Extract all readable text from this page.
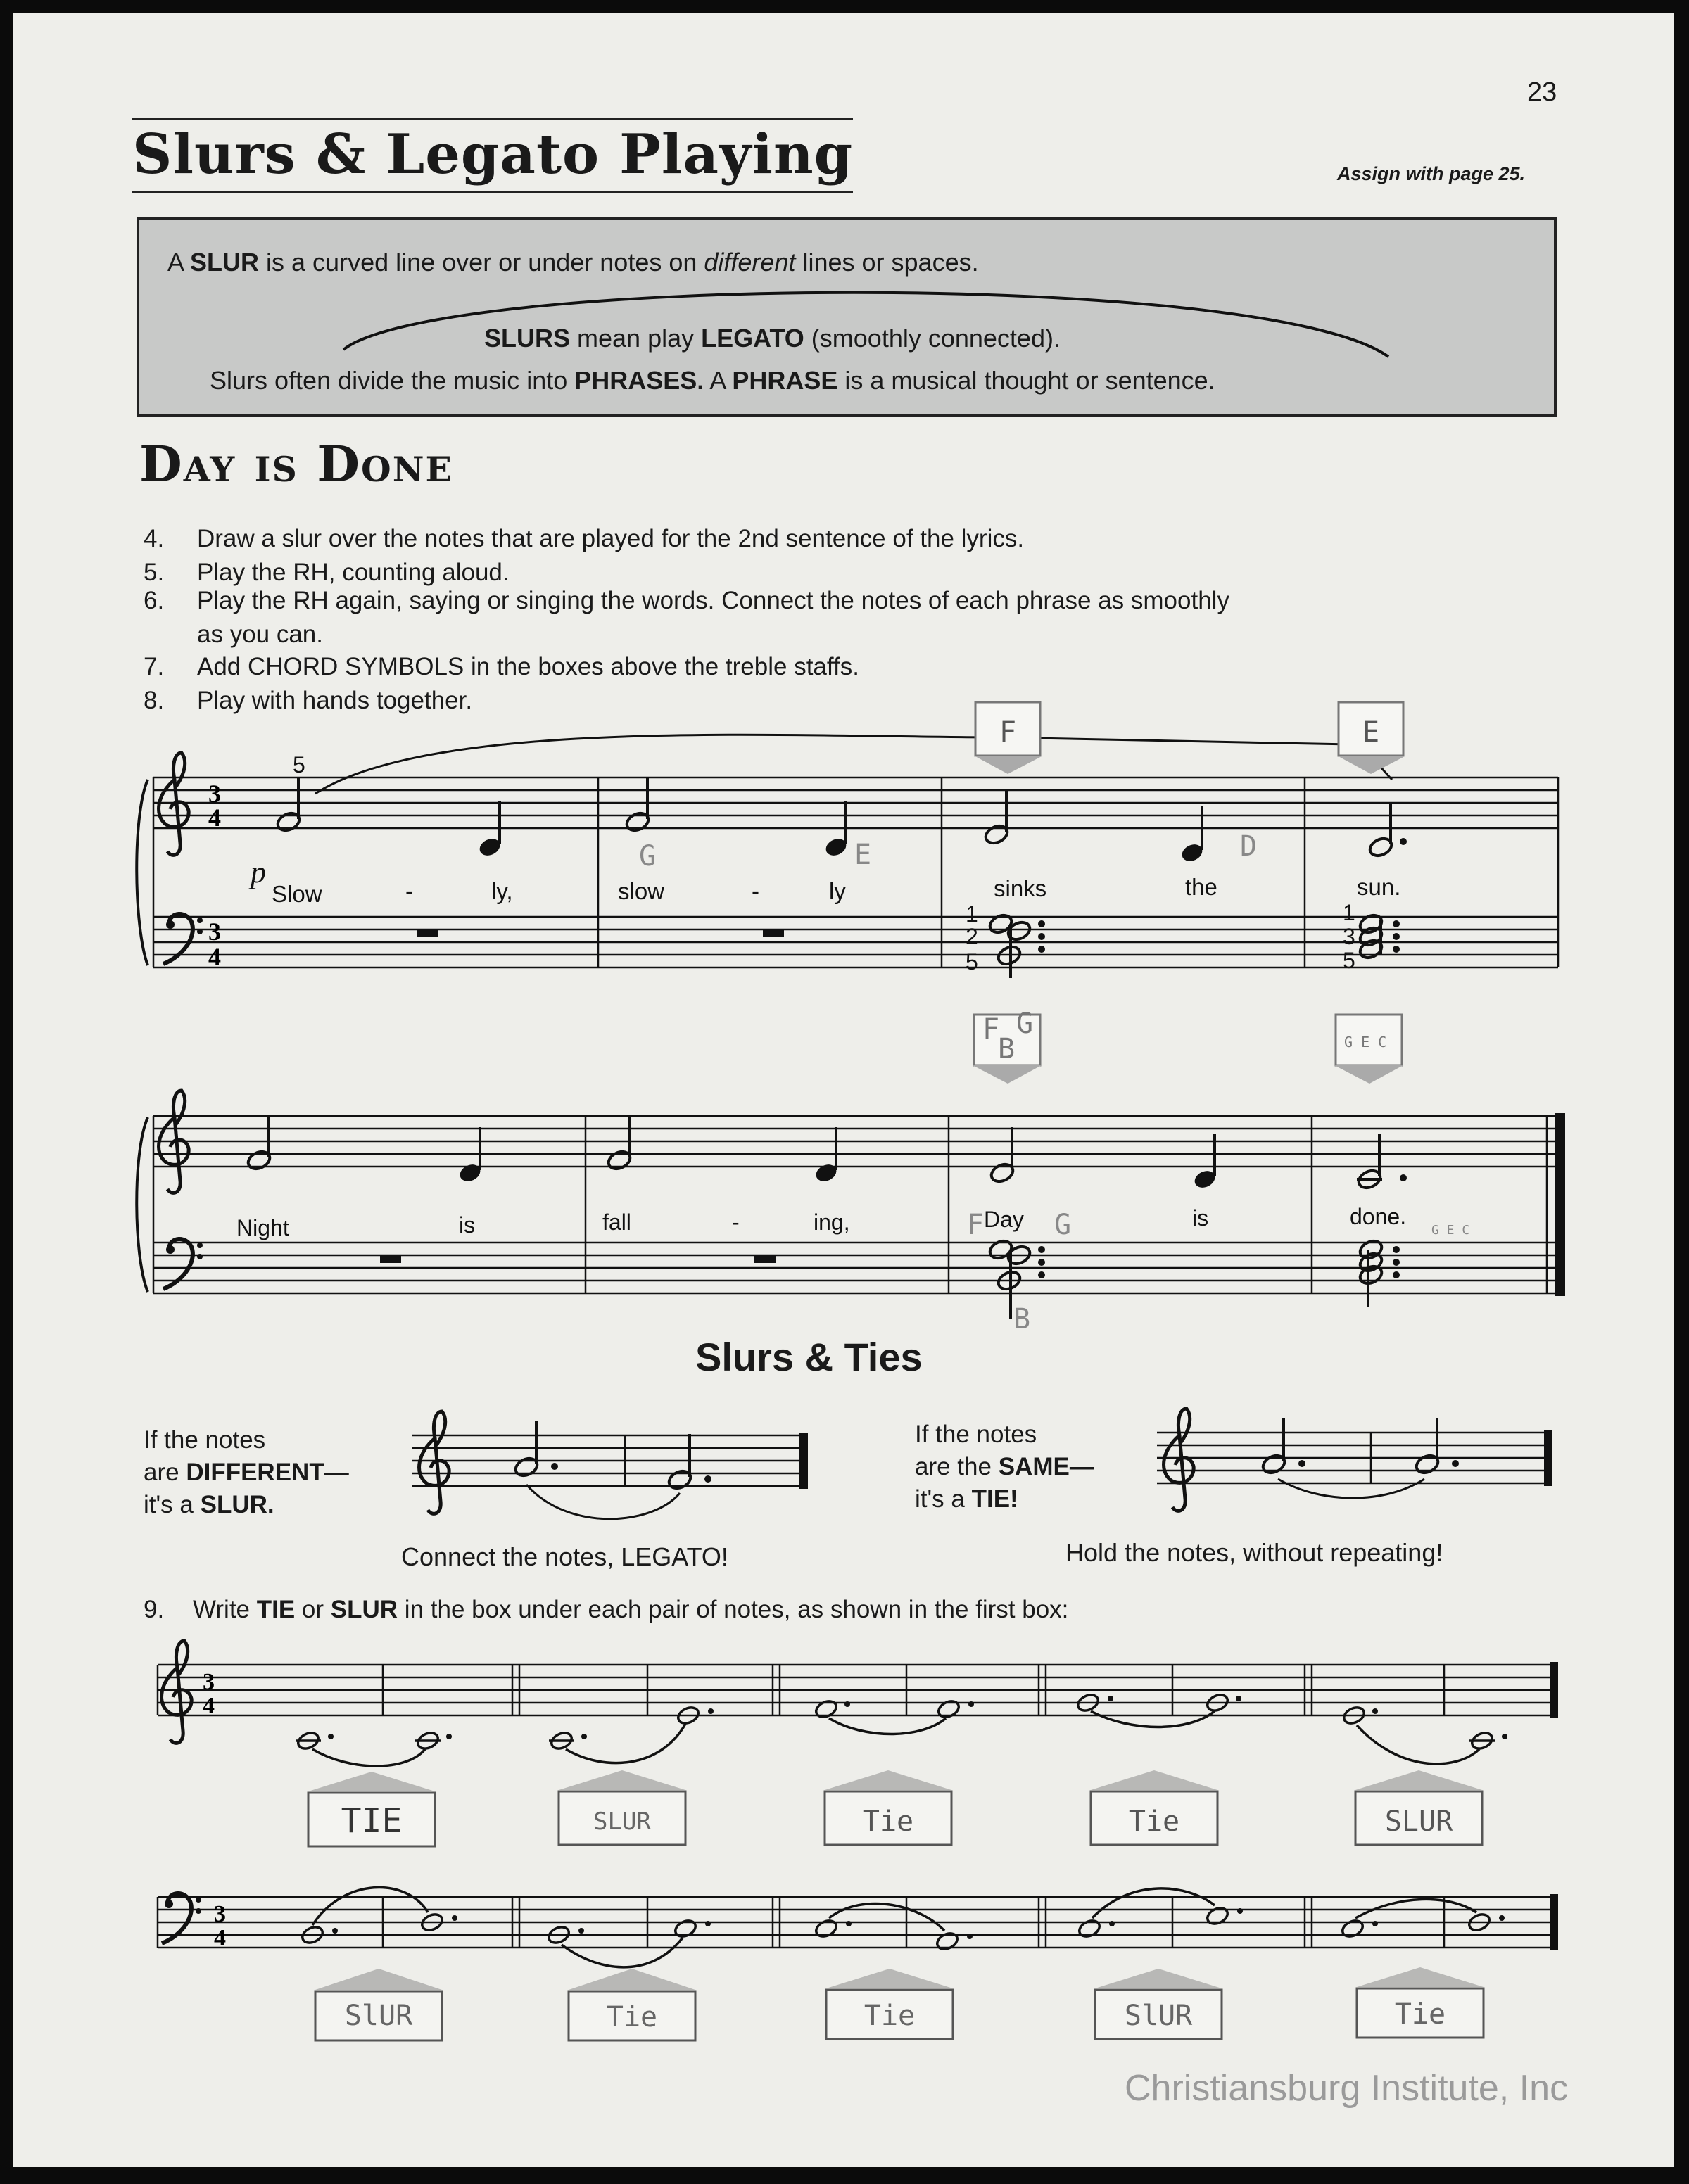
23
Slurs & Legato Playing	Assign with page 25.
A SLUR is a curved line over or under notes on different lines or spaces.
SLURS mean play LEGATO (smoothly connected).
Slurs often divide the music into PHRASES. A PHRASE is a musical thought or sentence.
Day is Done
4. Draw a slur over the notes that are played for the 2nd sentence of the lyrics.
5. Play the RH, counting aloud.
6. Play the RH again, saying or singing the words. Connect the notes of each phrase as smoothly
as you can.
7. Add CHORD SYMBOLS in the boxes above the treble staffs.
8. Play with hands together.
3
4
3
4
F	E
5
p
Slow	-	ly,	slow	-	ly	sinks	the	sun.
G	E	D
1
2
5
1
3
5
F G
B	G E C
Night	is	fall	-	ing,	Day	is	done.
F G
B
G E C
3
4
TIE	SLUR	Tie	Tie	SLUR
3
4
SlUR	Tie	Tie	SlUR	Tie
Slurs & Ties
If the notes
are DIFFERENT—
it's a SLUR.
Connect the notes, LEGATO!
If the notes
are the SAME—
it's a TIE!
Hold the notes, without repeating!
9. Write TIE or SLUR in the box under each pair of notes, as shown in the first box:
Christiansburg Institute, Inc
